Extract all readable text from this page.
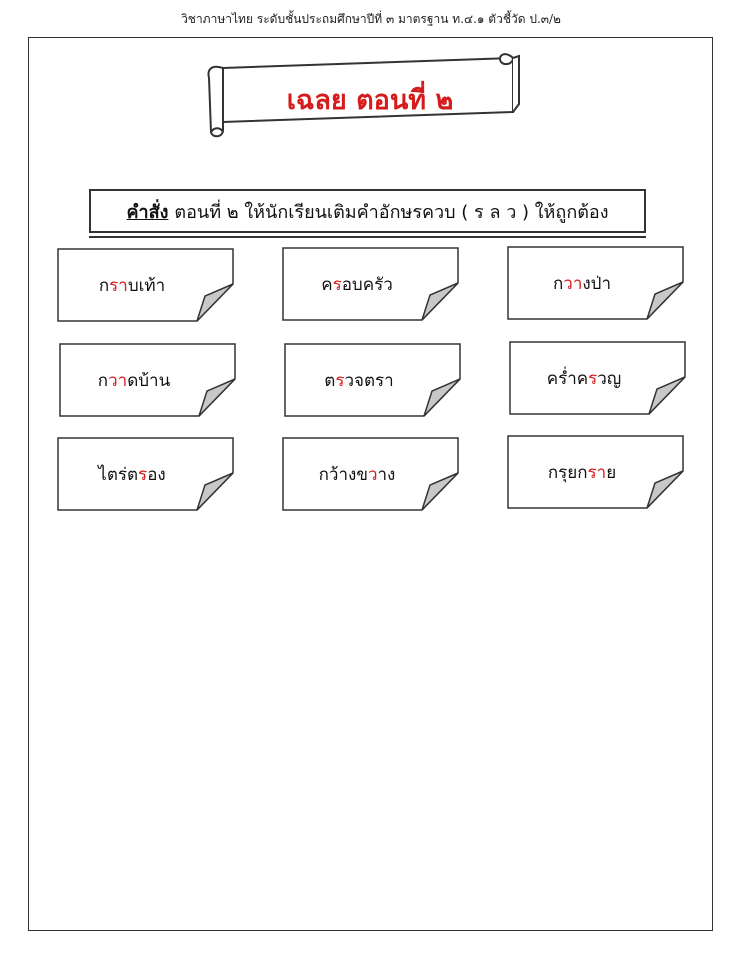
วิชาภาษาไทย ระดับชั้นประถมศึกษาปีที่ ๓ มาตรฐาน ท.๔.๑ ตัวชี้วัด ป.๓/๒
เฉลย ตอนที่ ๒
คำสั่ง ตอนที่ ๒ ให้นักเรียนเติมคำอักษรควบ ( ร ล ว ) ให้ถูกต้อง
ก รา บเท้า	ค ร อบครัว	ก วา งป่า
ก วา ดบ้าน	ต ร วจตรา	คร่ำค ร วญ
ไตร่ต ร อง	กว้างข ว าง	กรุยก รา ย
